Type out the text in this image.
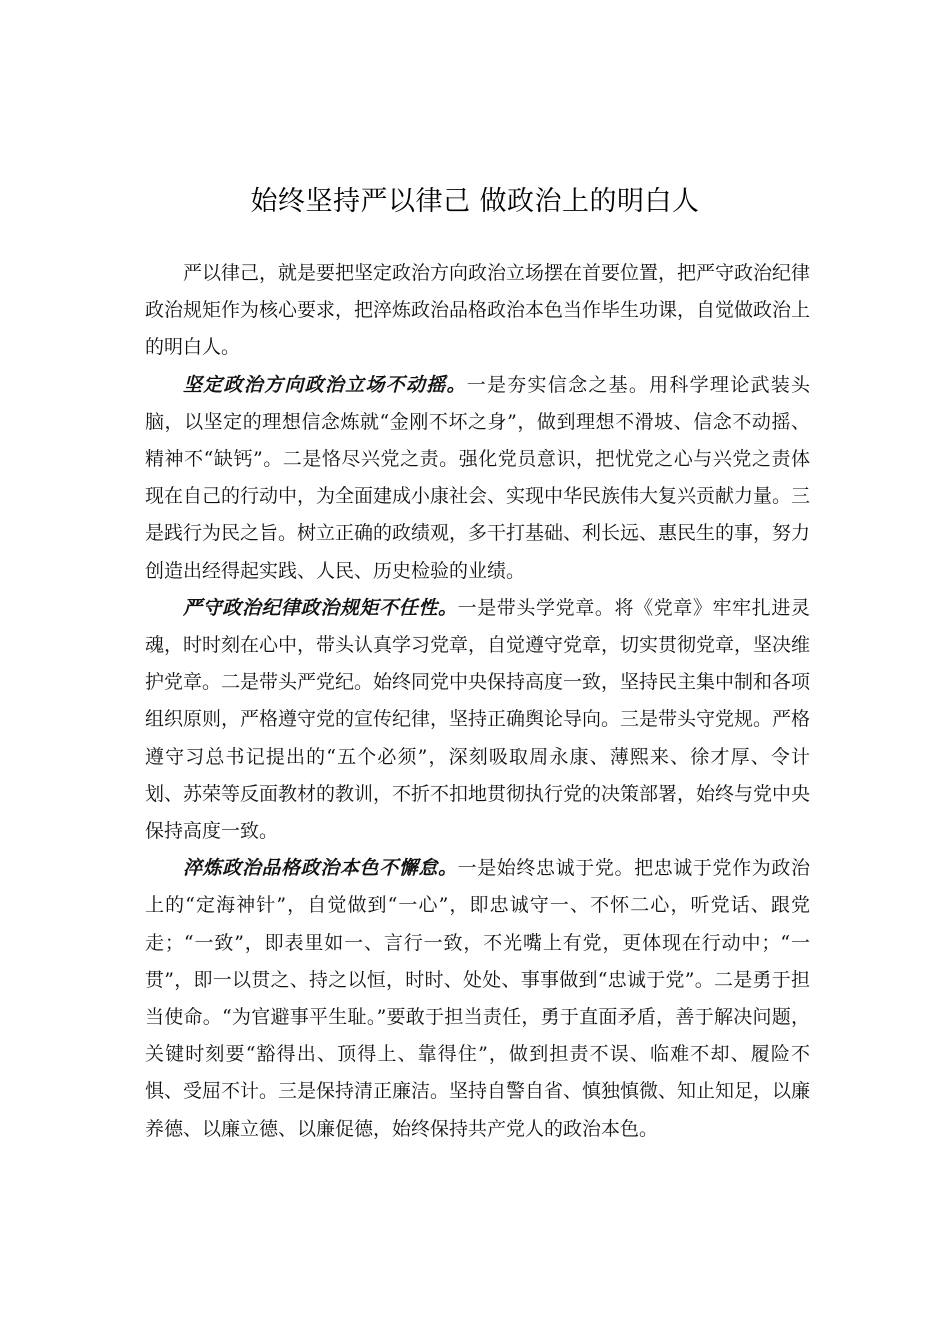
始终坚持严以律己 做政治上的明白人

严以律己，就是要把坚定政治方向政治立场摆在首要位置，把严守政治纪律政治规矩作为核心要求，把淬炼政治品格政治本色当作毕生功课，自觉做政治上的明白人。

坚定政治方向政治立场不动摇。一是夯实信念之基。用科学理论武装头脑，以坚定的理想信念炼就“金刚不坏之身”，做到理想不滑坡、信念不动摇、精神不“缺钙”。二是恪尽兴党之责。强化党员意识，把忧党之心与兴党之责体现在自己的行动中，为全面建成小康社会、实现中华民族伟大复兴贡献力量。三是践行为民之旨。树立正确的政绩观，多干打基础、利长远、惠民生的事，努力创造出经得起实践、人民、历史检验的业绩。

严守政治纪律政治规矩不任性。一是带头学党章。将《党章》牢牢扎进灵魂，时时刻在心中，带头认真学习党章，自觉遵守党章，切实贯彻党章，坚决维护党章。二是带头严党纪。始终同党中央保持高度一致，坚持民主集中制和各项组织原则，严格遵守党的宣传纪律，坚持正确舆论导向。三是带头守党规。严格遵守习总书记提出的“五个必须”，深刻吸取周永康、薄熙来、徐才厚、令计划、苏荣等反面教材的教训，不折不扣地贯彻执行党的决策部署，始终与党中央保持高度一致。

淬炼政治品格政治本色不懈怠。一是始终忠诚于党。把忠诚于党作为政治上的“定海神针”，自觉做到“一心”，即忠诚守一、不怀二心，听党话、跟党走；“一致”，即表里如一、言行一致，不光嘴上有党，更体现在行动中；“一贯”，即一以贯之、持之以恒，时时、处处、事事做到“忠诚于党”。二是勇于担当使命。“为官避事平生耻。”要敢于担当责任，勇于直面矛盾，善于解决问题，关键时刻要“豁得出、顶得上、靠得住”，做到担责不误、临难不却、履险不惧、受屈不计。三是保持清正廉洁。坚持自警自省、慎独慎微、知止知足，以廉养德、以廉立德、以廉促德，始终保持共产党人的政治本色。
